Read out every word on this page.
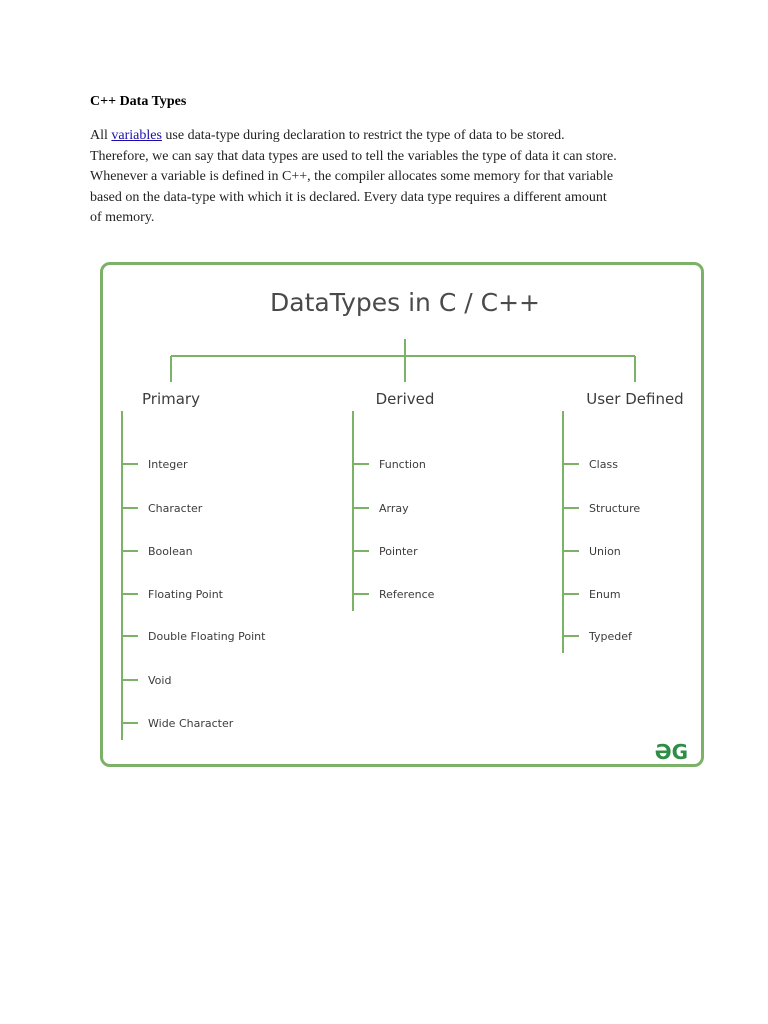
C++ Data Types
All variables use data-type during declaration to restrict the type of data to be stored.
Therefore, we can say that data types are used to tell the variables the type of data it can store.
Whenever a variable is defined in C++, the compiler allocates some memory for that variable
based on the data-type with which it is declared. Every data type requires a different amount
of memory.
DataTypes in C / C++
ƏG
Primary
Integer
Character
Boolean
Floating Point
Double Floating Point
Void
Wide Character
Derived
Function
Array
Pointer
Reference
User Defined
Class
Structure
Union
Enum
Typedef
